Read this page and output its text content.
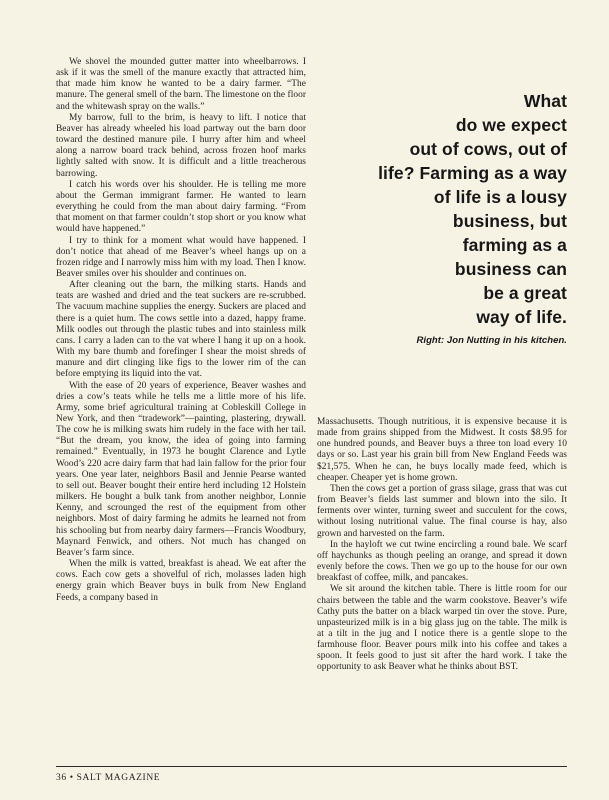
We shovel the mounded gutter matter into wheelbarrows. I ask if it was the smell of the manure exactly that attracted him, that made him know he wanted to be a dairy farmer. “The manure. The general smell of the barn. The limestone on the floor and the whitewash spray on the walls.”

My barrow, full to the brim, is heavy to lift. I notice that Beaver has already wheeled his load partway out the barn door toward the destined manure pile. I hurry after him and wheel along a narrow board track behind, across frozen hoof marks lightly salted with snow. It is difficult and a little treacherous barrowing.

I catch his words over his shoulder. He is telling me more about the German immigrant farmer. He wanted to learn everything he could from the man about dairy farming. “From that moment on that farmer couldn’t stop short or you know what would have happened.”

I try to think for a moment what would have happened. I don’t notice that ahead of me Beaver’s wheel hangs up on a frozen ridge and I narrowly miss him with my load. Then I know. Beaver smiles over his shoulder and continues on.

After cleaning out the barn, the milking starts. Hands and teats are washed and dried and the teat suckers are re-scrubbed. The vacuum machine supplies the energy. Suckers are placed and there is a quiet hum. The cows settle into a dazed, happy frame. Milk oodles out through the plastic tubes and into stainless milk cans. I carry a laden can to the vat where I hang it up on a hook. With my bare thumb and forefinger I shear the moist shreds of manure and dirt clinging like figs to the lower rim of the can before emptying its liquid into the vat.

With the ease of 20 years of experience, Beaver washes and dries a cow’s teats while he tells me a little more of his life. Army, some brief agricultural training at Cobleskill College in New York, and then “tradework”—painting, plastering, drywall. The cow he is milking swats him rudely in the face with her tail. “But the dream, you know, the idea of going into farming remained.” Eventually, in 1973 he bought Clarence and Lytle Wood’s 220 acre dairy farm that had lain fallow for the prior four years. One year later, neighbors Basil and Jennie Pearse wanted to sell out. Beaver bought their entire herd including 12 Holstein milkers. He bought a bulk tank from another neighbor, Lonnie Kenny, and scrounged the rest of the equipment from other neighbors. Most of dairy farming he admits he learned not from his schooling but from nearby dairy farmers—Francis Woodbury, Maynard Fenwick, and others. Not much has changed on Beaver’s farm since.

When the milk is vatted, breakfast is ahead. We eat after the cows. Each cow gets a shovelful of rich, molasses laden high energy grain which Beaver buys in bulk from New England Feeds, a company based in

What
do we expect
out of cows, out of
life? Farming as a way
of life is a lousy
business, but
farming as a
business can
be a great
way of life.
Right: Jon Nutting in his kitchen.

Massachusetts. Though nutritious, it is expensive because it is made from grains shipped from the Midwest. It costs $8.95 for one hundred pounds, and Beaver buys a three ton load every 10 days or so. Last year his grain bill from New England Feeds was $21,575. When he can, he buys locally made feed, which is cheaper. Cheaper yet is home grown.

Then the cows get a portion of grass silage, grass that was cut from Beaver’s fields last summer and blown into the silo. It ferments over winter, turning sweet and succulent for the cows, without losing nutritional value. The final course is hay, also grown and harvested on the farm.

In the hayloft we cut twine encircling a round bale. We scarf off haychunks as though peeling an orange, and spread it down evenly before the cows. Then we go up to the house for our own breakfast of coffee, milk, and pancakes.

We sit around the kitchen table. There is little room for our chairs between the table and the warm cookstove. Beaver’s wife Cathy puts the batter on a black warped tin over the stove. Pure, unpasteurized milk is in a big glass jug on the table. The milk is at a tilt in the jug and I notice there is a gentle slope to the farmhouse floor. Beaver pours milk into his coffee and takes a spoon. It feels good to just sit after the hard work. I take the opportunity to ask Beaver what he thinks about BST.

36 • SALT MAGAZINE
